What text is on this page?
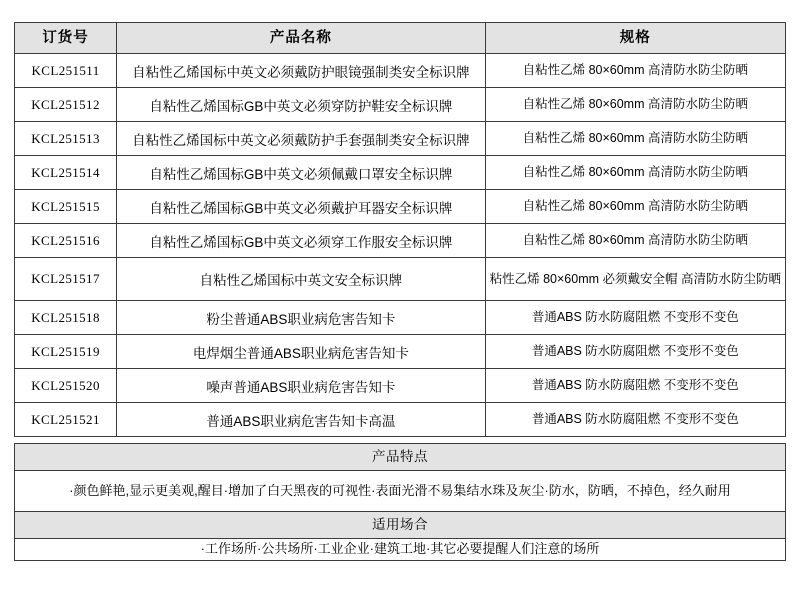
订货号	产品名称	规格
KCL251511	自粘性乙烯国标中英文必须戴防护眼镜强制类安全标识牌	自粘性乙烯 80×60mm 高清防水防尘防晒
KCL251512	自粘性乙烯国标GB中英文必须穿防护鞋安全标识牌	自粘性乙烯 80×60mm 高清防水防尘防晒
KCL251513	自粘性乙烯国标中英文必须戴防护手套强制类安全标识牌	自粘性乙烯 80×60mm 高清防水防尘防晒
KCL251514	自粘性乙烯国标GB中英文必须佩戴口罩安全标识牌	自粘性乙烯 80×60mm 高清防水防尘防晒
KCL251515	自粘性乙烯国标GB中英文必须戴护耳器安全标识牌	自粘性乙烯 80×60mm 高清防水防尘防晒
KCL251516	自粘性乙烯国标GB中英文必须穿工作服安全标识牌	自粘性乙烯 80×60mm 高清防水防尘防晒
KCL251517	自粘性乙烯国标中英文安全标识牌	粘性乙烯 80×60mm 必须戴安全帽 高清防水防尘防晒
KCL251518	粉尘普通ABS职业病危害告知卡	普通ABS 防水防腐阻燃 不变形不变色
KCL251519	电焊烟尘普通ABS职业病危害告知卡	普通ABS 防水防腐阻燃 不变形不变色
KCL251520	噪声普通ABS职业病危害告知卡	普通ABS 防水防腐阻燃 不变形不变色
KCL251521	普通ABS职业病危害告知卡高温	普通ABS 防水防腐阻燃 不变形不变色
产品特点
·颜色鲜艳,显示更美观,醒目·增加了白天黑夜的可视性·表面光滑不易集结水珠及灰尘·防水，防晒，不掉色，经久耐用
适用场合
·工作场所·公共场所·工业企业·建筑工地·其它必要提醒人们注意的场所
